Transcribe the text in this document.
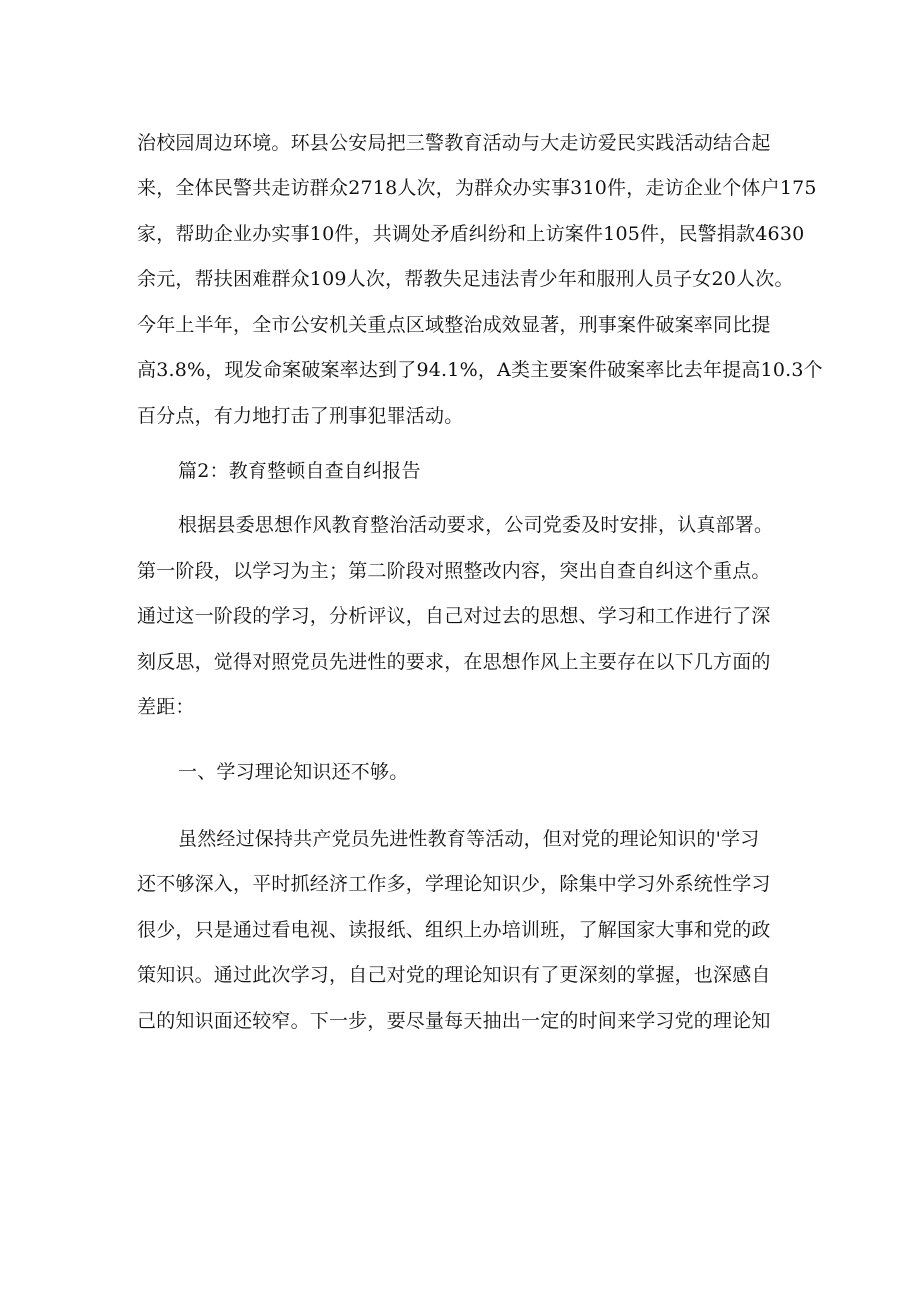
治校园周边环境。环县公安局把三警教育活动与大走访爱民实践活动结合起
来，全体民警共走访群众2718人次，为群众办实事310件，走访企业个体户175
家，帮助企业办实事10件，共调处矛盾纠纷和上访案件105件，民警捐款4630
余元，帮扶困难群众109人次，帮教失足违法青少年和服刑人员子女20人次。
今年上半年，全市公安机关重点区域整治成效显著，刑事案件破案率同比提
高3.8%，现发命案破案率达到了94.1%，A类主要案件破案率比去年提高10.3个
百分点，有力地打击了刑事犯罪活动。
篇2：教育整顿自查自纠报告
根据县委思想作风教育整治活动要求，公司党委及时安排，认真部署。
第一阶段，以学习为主；第二阶段对照整改内容，突出自查自纠这个重点。
通过这一阶段的学习，分析评议，自己对过去的思想、学习和工作进行了深
刻反思，觉得对照党员先进性的要求，在思想作风上主要存在以下几方面的
差距：
一、学习理论知识还不够。
虽然经过保持共产党员先进性教育等活动，但对党的理论知识的'学习
还不够深入，平时抓经济工作多，学理论知识少，除集中学习外系统性学习
很少，只是通过看电视、读报纸、组织上办培训班，了解国家大事和党的政
策知识。通过此次学习，自己对党的理论知识有了更深刻的掌握，也深感自
己的知识面还较窄。下一步，要尽量每天抽出一定的时间来学习党的理论知
